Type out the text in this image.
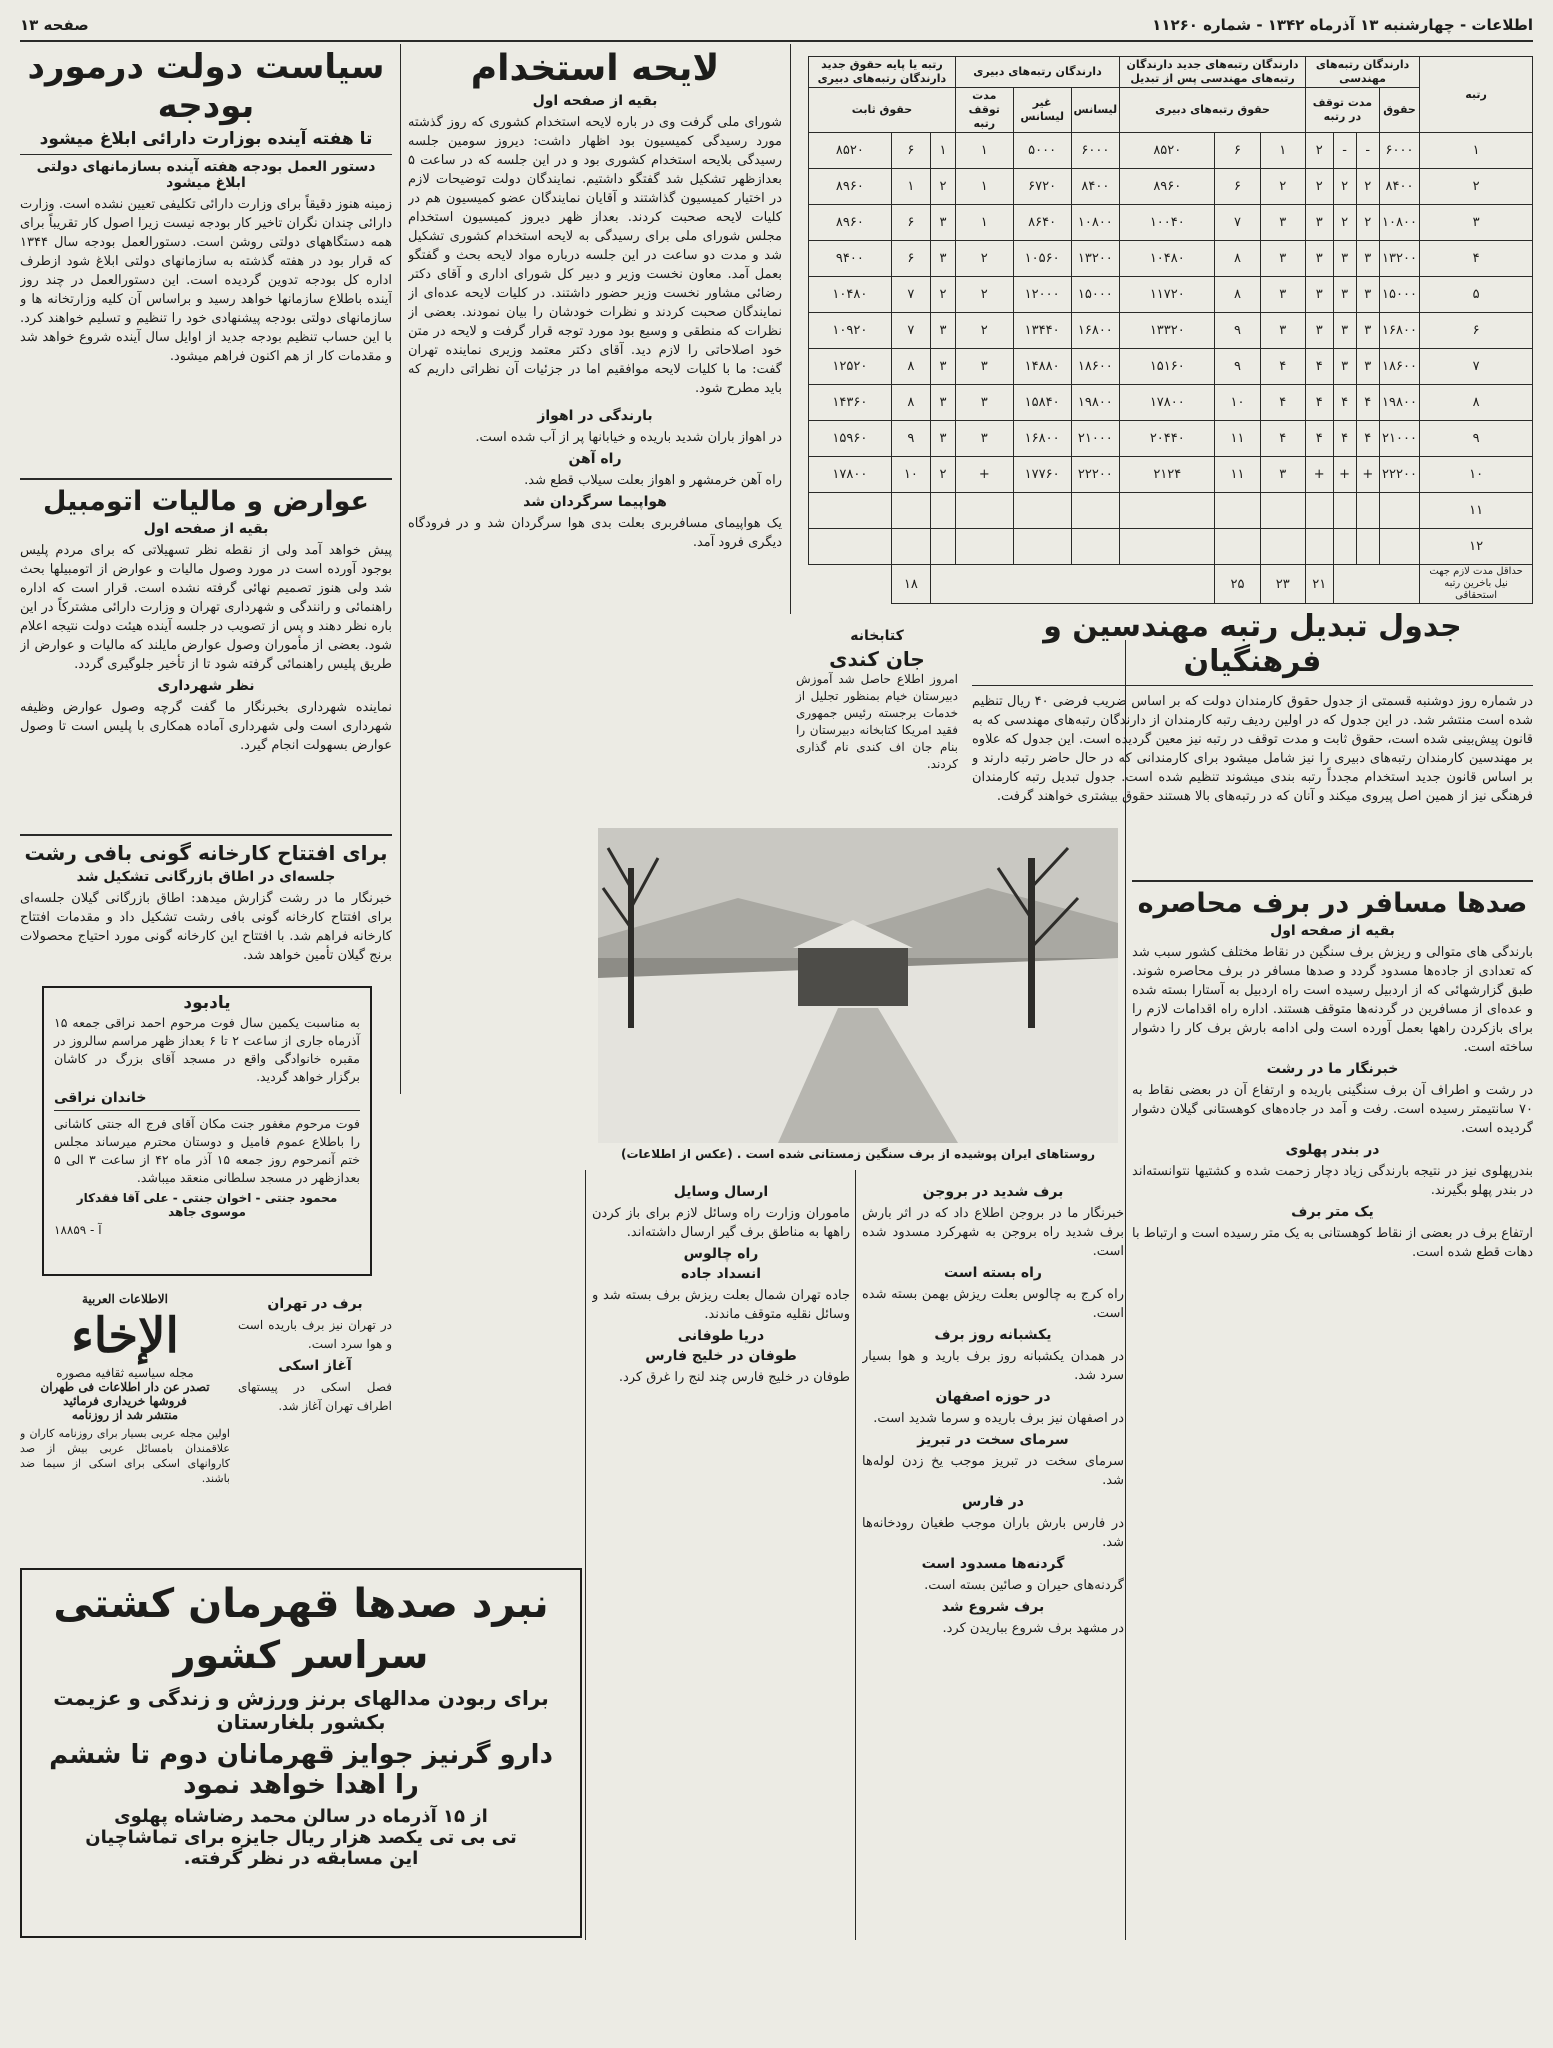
اطلاعات - چهارشنبه ۱۳ آذرماه ۱۳۴۲ - شماره ۱۱۲۶۰
صفحه ۱۳
سیاست دولت درمورد بودجه
تا هفته آینده بوزارت دارائی ابلاغ میشود
دستور العمل بودجه هفته آینده بسازمانهای دولتی ابلاغ میشود
زمینه هنوز دقیقاً برای وزارت دارائی تکلیفی تعیین نشده است. وزارت دارائی چندان نگران تاخیر کار بودجه نیست زیرا اصول کار تقریباً برای همه دستگاههای دولتی روشن است. دستورالعمل بودجه سال ۱۳۴۴ که قرار بود در هفته گذشته به سازمانهای دولتی ابلاغ شود ازطرف اداره کل بودجه تدوین گردیده است. این دستورالعمل در چند روز آینده باطلاع سازمانها خواهد رسید و براساس آن کلیه وزارتخانه ها و سازمانهای دولتی بودجه پیشنهادی خود را تنظیم و تسلیم خواهند کرد. با این حساب تنظیم بودجه جدید از اوایل سال آینده شروع خواهد شد و مقدمات کار از هم اکنون فراهم میشود.
عوارض و مالیات اتومبیل
بقیه از صفحه اول
پیش خواهد آمد ولی از نقطه نظر تسهیلاتی که برای مردم پلیس بوجود آورده است در مورد وصول مالیات و عوارض از اتومبیلها بحث شد ولی هنوز تصمیم نهائی گرفته نشده است. قرار است که اداره راهنمائی و رانندگی و شهرداری تهران و وزارت دارائی مشترکاً در این باره نظر دهند و پس از تصویب در جلسه آینده هیئت دولت نتیجه اعلام شود. بعضی از مأموران وصول عوارض مایلند که مالیات و عوارض از طریق پلیس راهنمائی گرفته شود تا از تأخیر جلوگیری گردد.
نظر شهرداری
نماینده شهرداری بخبرنگار ما گفت گرچه وصول عوارض وظیفه شهرداری است ولی شهرداری آماده همکاری با پلیس است تا وصول عوارض بسهولت انجام گیرد.
برای افتتاح کارخانه گونی بافی رشت
جلسه‌ای در اطاق بازرگانی تشکیل شد
خبرنگار ما در رشت گزارش میدهد: اطاق بازرگانی گیلان جلسه‌ای برای افتتاح کارخانه گونی بافی رشت تشکیل داد و مقدمات افتتاح کارخانه فراهم شد. با افتتاح این کارخانه گونی مورد احتیاج محصولات برنج گیلان تأمین خواهد شد.
یادبود
به مناسبت یکمین سال فوت مرحوم احمد نراقی جمعه ۱۵ آذرماه جاری از ساعت ۲ تا ۶ بعداز ظهر مراسم سالروز در مقبره خانوادگی واقع در مسجد آقای بزرگ در کاشان برگزار خواهد گردید.
خاندان نراقی
فوت مرحوم مغفور جنت مکان آقای فرج اله جنتی کاشانی را باطلاع عموم فامیل و دوستان محترم میرساند مجلس ختم آنمرحوم روز جمعه ۱۵ آذر ماه ۴۲ از ساعت ۳ الی ۵ بعدازظهر در مسجد سلطانی منعقد میباشد.
محمود جنتی - اخوان جنتی - علی آقا فقدکار موسوی جاهد
آ - ۱۸۸۵۹
الاطلاعات العربیة
الإخاء
مجله سیاسیه ثقافیه مصوره
تصدر عن دار اطلاعات فی طهران
فروشها خریداری فرمائید
منتشر شد از روزنامه
اولین مجله عربی بسیار برای روزنامه کاران و علاقمندان بامسائل عربی بیش از صد کاروانهای اسکی برای اسکی از سیما ضد باشند.
برف در تهران
در تهران نیز برف باریده است و هوا سرد است.
آغاز اسکی
فصل اسکی در پیستهای اطراف تهران آغاز شد.
نبرد صدها قهرمان کشتی
سراسر کشور
برای ربودن مدالهای برنز ورزش و زندگی و عزیمت
بکشور بلغارستان
دارو گرنیز جوایز قهرمانان دوم تا ششم
را اهدا خواهد نمود
از ۱۵ آذرماه در سالن محمد رضاشاه پهلوی
تی بی تی یکصد هزار ریال جایزه برای تماشاچیان
این مسابقه در نظر گرفته.
لایحه استخدام
بقیه از صفحه اول
شورای ملی گرفت وی در باره لایحه استخدام کشوری که روز گذشته مورد رسیدگی کمیسیون بود اظهار داشت: دیروز سومین جلسه رسیدگی بلایحه استخدام کشوری بود و در این جلسه که در ساعت ۵ بعدازظهر تشکیل شد گفتگو داشتیم. نمایندگان دولت توضیحات لازم در اختیار کمیسیون گذاشتند و آقایان نمایندگان عضو کمیسیون هم در کلیات لایحه صحبت کردند. بعداز ظهر دیروز کمیسیون استخدام مجلس شورای ملی برای رسیدگی به لایحه استخدام کشوری تشکیل شد و مدت دو ساعت در این جلسه درباره مواد لایحه بحث و گفتگو بعمل آمد. معاون نخست وزیر و دبیر کل شورای اداری و آقای دکتر رضائی مشاور نخست وزیر حضور داشتند. در کلیات لایحه عده‌ای از نمایندگان صحبت کردند و نظرات خودشان را بیان نمودند. بعضی از نظرات که منطقی و وسیع بود مورد توجه قرار گرفت و لایحه در متن خود اصلاحاتی را لازم دید. آقای دکتر معتمد وزیری نماینده تهران گفت: ما با کلیات لایحه موافقیم اما در جزئیات آن نظراتی داریم که باید مطرح شود.
بارندگی در اهواز
در اهواز باران شدید باریده و خیابانها پر از آب شده است.
راه آهن
راه آهن خرمشهر و اهواز بعلت سیلاب قطع شد.
هواپیما سرگردان شد
یک هواپیمای مسافربری بعلت بدی هوا سرگردان شد و در فرودگاه دیگری فرود آمد.
کتابخانه
جان کندی
امروز اطلاع حاصل شد آموزش دبیرستان خیام بمنظور تجلیل از خدمات برجسته رئیس جمهوری فقید امریکا کتابخانه دبیرستان را بنام جان اف کندی نام گذاری کردند.
رتبه	دارندگان رتبه‌های مهندسی				دارندگان رتبه‌های جدید دارندگان رتبه‌های مهندسی پس از تبدیل			دارندگان رتبه‌های دبیری			رتبه یا پایه حقوق جدید دارندگان رتبه‌های دبیری		
	حقوق	مدت توقف در رتبه			حقوق رتبه‌های دبیری			لیسانس	غیر لیسانس	مدت توقف رتبه	حقوق ثابت		
۱	۶۰۰۰	-	-	۲	۱	۶	۸۵۲۰	۶۰۰۰	۵۰۰۰	۱	۱	۶	۸۵۲۰
۲	۸۴۰۰	۲	۲	۲	۲	۶	۸۹۶۰	۸۴۰۰	۶۷۲۰	۱	۲	۱	۸۹۶۰
۳	۱۰۸۰۰	۲	۲	۳	۳	۷	۱۰۰۴۰	۱۰۸۰۰	۸۶۴۰	۱	۳	۶	۸۹۶۰
۴	۱۳۲۰۰	۳	۳	۳	۳	۸	۱۰۴۸۰	۱۳۲۰۰	۱۰۵۶۰	۲	۳	۶	۹۴۰۰
۵	۱۵۰۰۰	۳	۳	۳	۳	۸	۱۱۷۲۰	۱۵۰۰۰	۱۲۰۰۰	۲	۲	۷	۱۰۴۸۰
۶	۱۶۸۰۰	۳	۳	۳	۳	۹	۱۳۳۲۰	۱۶۸۰۰	۱۳۴۴۰	۲	۳	۷	۱۰۹۲۰
۷	۱۸۶۰۰	۳	۳	۴	۴	۹	۱۵۱۶۰	۱۸۶۰۰	۱۴۸۸۰	۳	۳	۸	۱۲۵۲۰
۸	۱۹۸۰۰	۴	۴	۴	۴	۱۰	۱۷۸۰۰	۱۹۸۰۰	۱۵۸۴۰	۳	۳	۸	۱۴۳۶۰
۹	۲۱۰۰۰	۴	۴	۴	۴	۱۱	۲۰۴۴۰	۲۱۰۰۰	۱۶۸۰۰	۳	۳	۹	۱۵۹۶۰
۱۰	۲۲۲۰۰	+	+	+	۳	۱۱	۲۱۲۴	۲۲۲۰۰	۱۷۷۶۰	+	۲	۱۰	۱۷۸۰۰
۱۱													
۱۲													
حداقل مدت لازم جهت نیل باخرین رتبه استحقاقی				۲۱	۲۳	۲۵						۱۸	
جدول تبدیل رتبه مهندسین و فرهنگیان
در شماره روز دوشنبه قسمتی از جدول حقوق کارمندان دولت که بر اساس ضریب فرضی ۴۰ ریال تنظیم شده است منتشر شد. در این جدول که در اولین ردیف رتبه کارمندان از دارندگان رتبه‌های مهندسی که به قانون پیش‌بینی شده است، حقوق ثابت و مدت توقف در رتبه نیز معین گردیده است. این جدول که علاوه بر مهندسین کارمندان رتبه‌های دبیری را نیز شامل میشود برای کارمندانی که در حال حاضر رتبه دارند و بر اساس قانون جدید استخدام مجدداً رتبه بندی میشوند تنظیم شده است. جدول تبدیل رتبه کارمندان فرهنگی نیز از همین اصل پیروی میکند و آنان که در رتبه‌های بالا هستند حقوق بیشتری خواهند گرفت.
صدها مسافر در برف محاصره
بقیه از صفحه اول
بارندگی های متوالی و ریزش برف سنگین در نقاط مختلف کشور سبب شد که تعدادی از جاده‌ها مسدود گردد و صدها مسافر در برف محاصره شوند. طبق گزارشهائی که از اردبیل رسیده است راه اردبیل به آستارا بسته شده و عده‌ای از مسافرین در گردنه‌ها متوقف هستند. اداره راه اقدامات لازم را برای بازکردن راهها بعمل آورده است ولی ادامه بارش برف کار را دشوار ساخته است.
خبرنگار ما در رشت
در رشت و اطراف آن برف سنگینی باریده و ارتفاع آن در بعضی نقاط به ۷۰ سانتیمتر رسیده است. رفت و آمد در جاده‌های کوهستانی گیلان دشوار گردیده است.
در بندر پهلوی
بندرپهلوی نیز در نتیجه بارندگی زیاد دچار زحمت شده و کشتیها نتوانسته‌اند در بندر پهلو بگیرند.
یک متر برف
ارتفاع برف در بعضی از نقاط کوهستانی به یک متر رسیده است و ارتباط با دهات قطع شده است.
روستاهای ایران پوشیده از برف سنگین زمستانی شده است . (عکس از اطلاعات)
برف شدید در بروجن
خبرنگار ما در بروجن اطلاع داد که در اثر بارش برف شدید راه بروجن به شهرکرد مسدود شده است.
راه بسته است
راه کرج به چالوس بعلت ریزش بهمن بسته شده است.
یکشبانه روز برف
در همدان یکشبانه روز برف بارید و هوا بسیار سرد شد.
در حوزه اصفهان
در اصفهان نیز برف باریده و سرما شدید است.
سرمای سخت در تبریز
سرمای سخت در تبریز موجب یخ زدن لوله‌ها شد.
در فارس
در فارس بارش باران موجب طغیان رودخانه‌ها شد.
گردنه‌ها مسدود است
گردنه‌های حیران و صائین بسته است.
برف شروع شد
در مشهد برف شروع بباریدن کرد.
ارسال وسایل
ماموران وزارت راه وسائل لازم برای باز کردن راهها به مناطق برف گیر ارسال داشته‌اند.
راه چالوس
انسداد جاده
جاده تهران شمال بعلت ریزش برف بسته شد و وسائل نقلیه متوقف ماندند.
دریا طوفانی
طوفان در خلیج فارس
طوفان در خلیج فارس چند لنج را غرق کرد.
